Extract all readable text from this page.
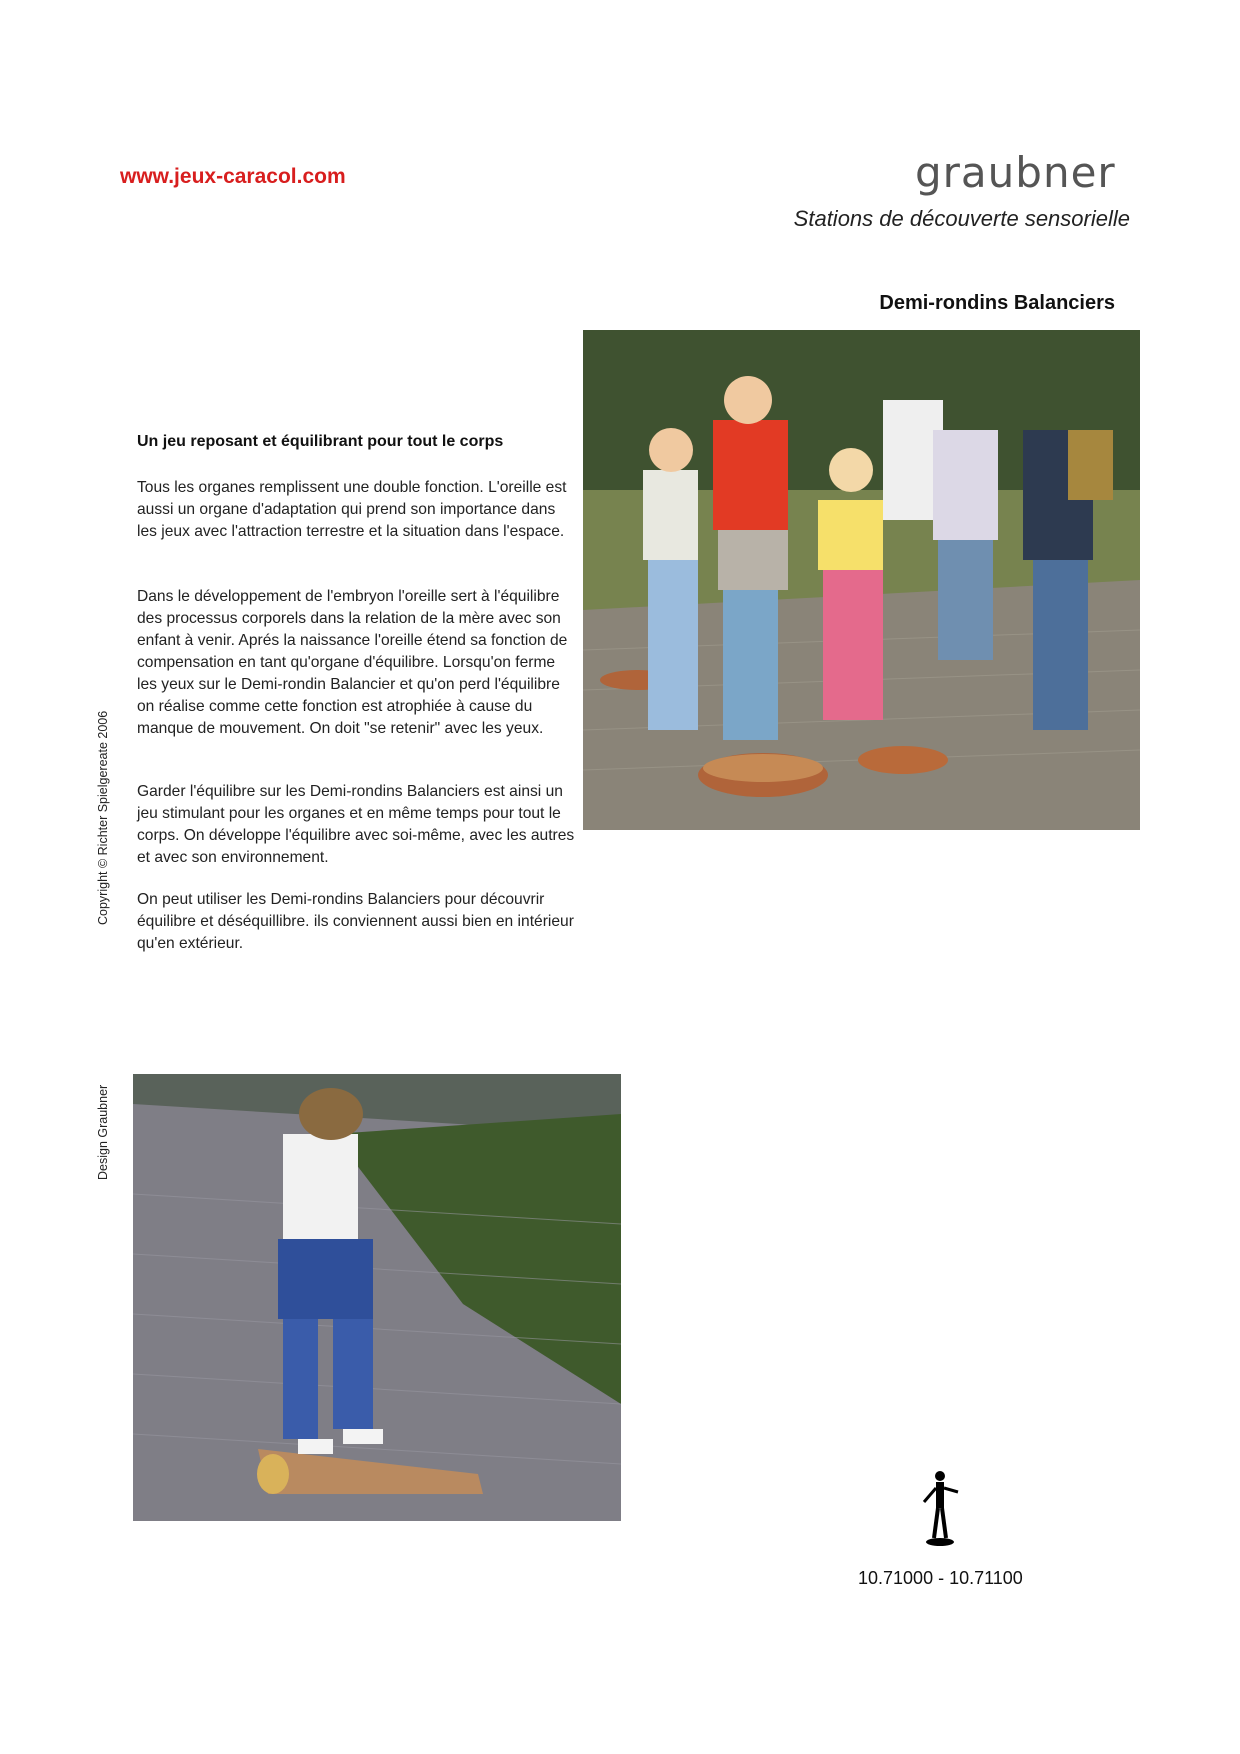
www.jeux-caracol.com	graubner
Stations de découverte sensorielle
Demi-rondins Balanciers
Un jeu reposant et équilibrant pour tout le corps
Tous les organes remplissent une double fonction. L'oreille est aussi un organe d'adaptation qui prend son importance dans les jeux avec l'attraction terrestre et la situation dans l'espace.
Dans le développement de l'embryon l'oreille sert à l'équilibre des processus corporels dans la relation de la mère avec son enfant à venir. Aprés la naissance l'oreille étend sa fonction de compensation en tant qu'organe d'équilibre. Lorsqu'on ferme les yeux sur le Demi-rondin Balancier et qu'on perd l'équilibre on réalise comme cette fonction est atrophiée à cause du manque de mouvement. On doit "se retenir" avec les yeux.
Garder l'équilibre sur les Demi-rondins Balanciers est ainsi un jeu stimulant pour les organes et en même temps pour tout le corps. On développe l'équilibre avec soi-même, avec les autres et avec son environnement.
On peut utiliser les Demi-rondins Balanciers pour découvrir équilibre et déséquillibre. ils conviennent aussi bien en intérieur qu'en extérieur.
Copyright © Richter Spielgereate 2006
Design Graubner
10.71000 - 10.71100
